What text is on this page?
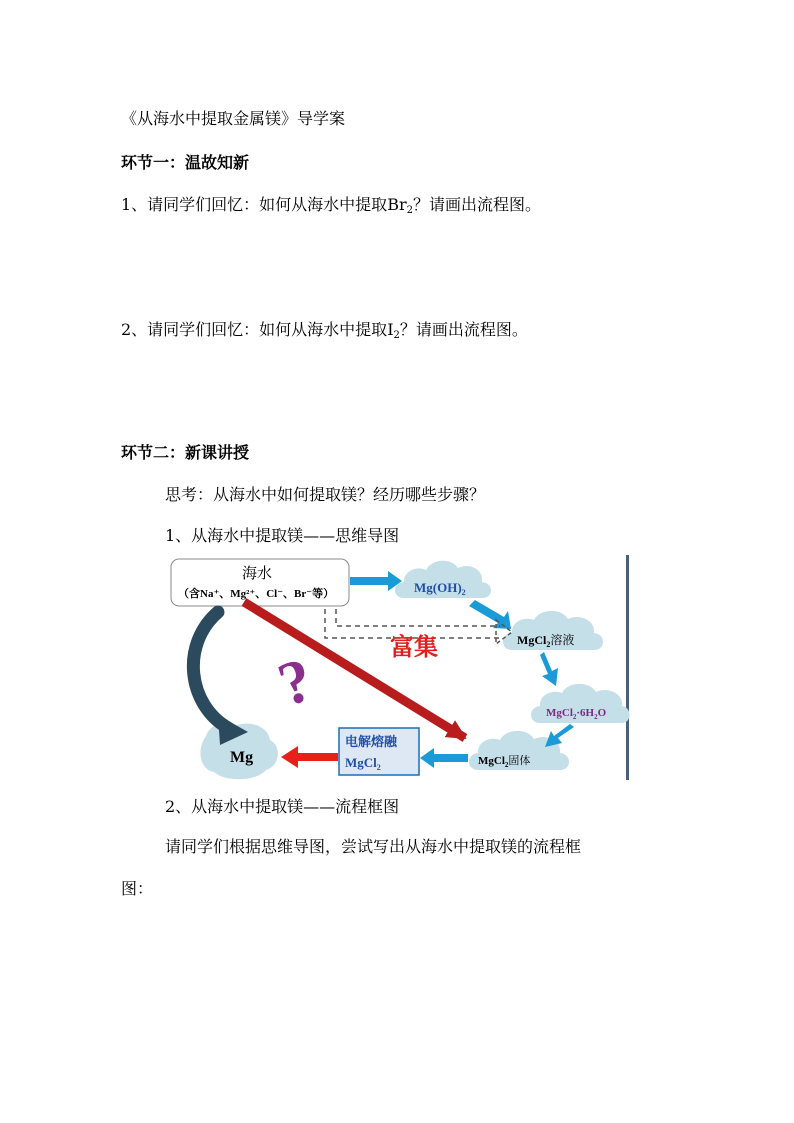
《从海水中提取金属镁》导学案
环节一：温故知新
1、请同学们回忆：如何从海水中提取$Br_2$？请画出流程图。
2、请同学们回忆：如何从海水中提取$I_2$？请画出流程图。
环节二：新课讲授
思考：从海水中如何提取镁？经历哪些步骤？
1、从海水中提取镁——思维导图
海水
（含Na⁺、Mg²⁺、Cl⁻、Br⁻等）	$Mg(OH)_2$
MgCl$_2$溶液
$MgCl_2\cdot 6H_2O$
MgCl$_2$固体
Mg
电解熔融
MgCl$_2$
富集
?
2、从海水中提取镁——流程框图
请同学们根据思维导图，尝试写出从海水中提取镁的流程框
图：
